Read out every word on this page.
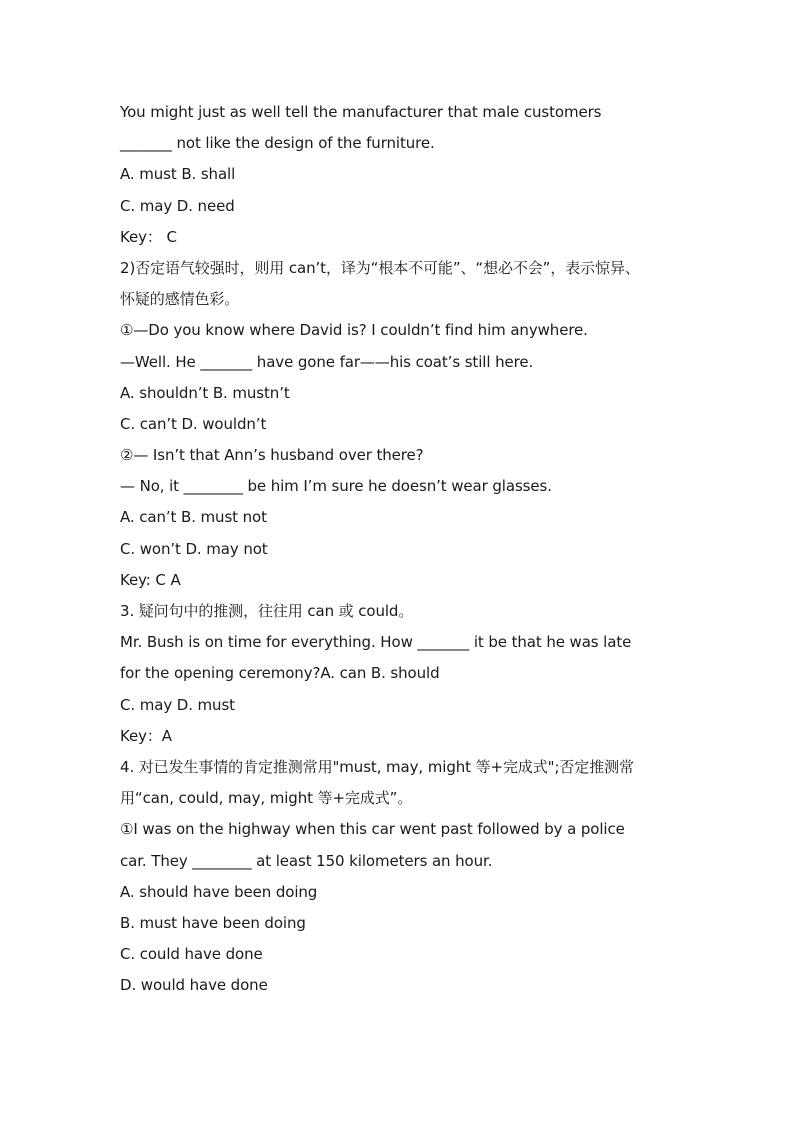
You might just as well tell the manufacturer that male customers
_______ not like the design of the furniture.
A. must B. shall
C. may D. need
Key： C
2)否定语气较强时，则用 can’t，译为“根本不可能”、“想必不会”，表示惊异、
怀疑的感情色彩。
①—Do you know where David is? I couldn’t find him anywhere.
—Well. He _______ have gone far——his coat’s still here.
A. shouldn’t B. mustn’t
C. can’t D. wouldn’t
②— Isn’t that Ann’s husband over there?
— No, it ________ be him I’m sure he doesn’t wear glasses.
A. can’t B. must not
C. won’t D. may not
Key: C A
3. 疑问句中的推测，往往用 can 或 could。
Mr. Bush is on time for everything. How _______ it be that he was late
for the opening ceremony?A. can B. should
C. may D. must
Key：A
4. 对已发生事情的肯定推测常用"must, may, might 等+完成式";否定推测常
用“can, could, may, might 等+完成式”。
①I was on the highway when this car went past followed by a police
car. They ________ at least 150 kilometers an hour.
A. should have been doing
B. must have been doing
C. could have done
D. would have done
